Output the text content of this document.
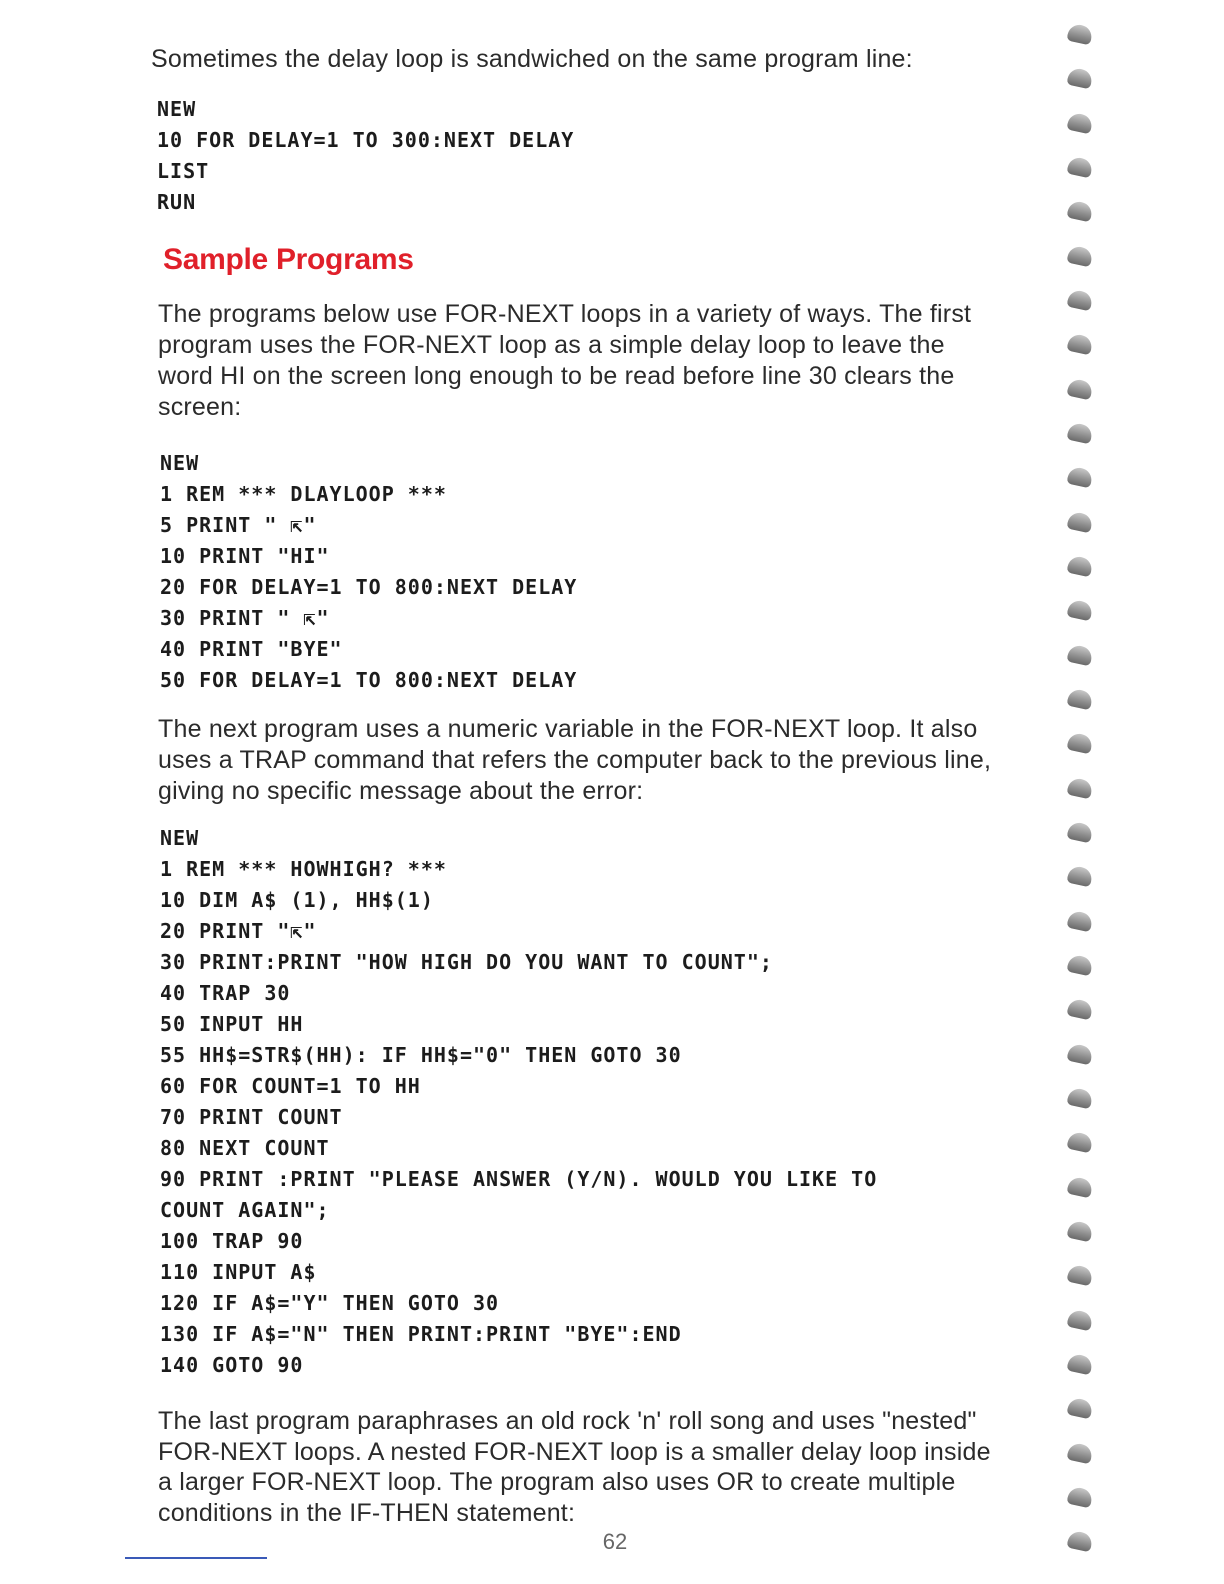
Sometimes the delay loop is sandwiched on the same program line:
NEW
10 FOR DELAY=1 TO 300:NEXT DELAY
LIST
RUN
Sample Programs
The programs below use FOR-NEXT loops in a variety of ways. The first program uses the FOR-NEXT loop as a simple delay loop to leave the word HI on the screen long enough to be read before line 30 clears the screen:
NEW
1 REM *** DLAYLOOP ***
5 PRINT " ⇱"
10 PRINT "HI"
20 FOR DELAY=1 TO 800:NEXT DELAY
30 PRINT " ⇱"
40 PRINT "BYE"
50 FOR DELAY=1 TO 800:NEXT DELAY
The next program uses a numeric variable in the FOR-NEXT loop. It also uses a TRAP command that refers the computer back to the previous line, giving no specific message about the error:
NEW
1 REM *** HOWHIGH? ***
10 DIM A$ (1), HH$(1)
20 PRINT "⇱"
30 PRINT:PRINT "HOW HIGH DO YOU WANT TO COUNT";
40 TRAP 30
50 INPUT HH
55 HH$=STR$(HH): IF HH$="0" THEN GOTO 30
60 FOR COUNT=1 TO HH
70 PRINT COUNT
80 NEXT COUNT
90 PRINT :PRINT "PLEASE ANSWER (Y/N). WOULD YOU LIKE TO
COUNT AGAIN";
100 TRAP 90
110 INPUT A$
120 IF A$="Y" THEN GOTO 30
130 IF A$="N" THEN PRINT:PRINT "BYE":END
140 GOTO 90
The last program paraphrases an old rock 'n' roll song and uses "nested" FOR-NEXT loops. A nested FOR-NEXT loop is a smaller delay loop inside a larger FOR-NEXT loop. The program also uses OR to create multiple conditions in the IF-THEN statement:
62
